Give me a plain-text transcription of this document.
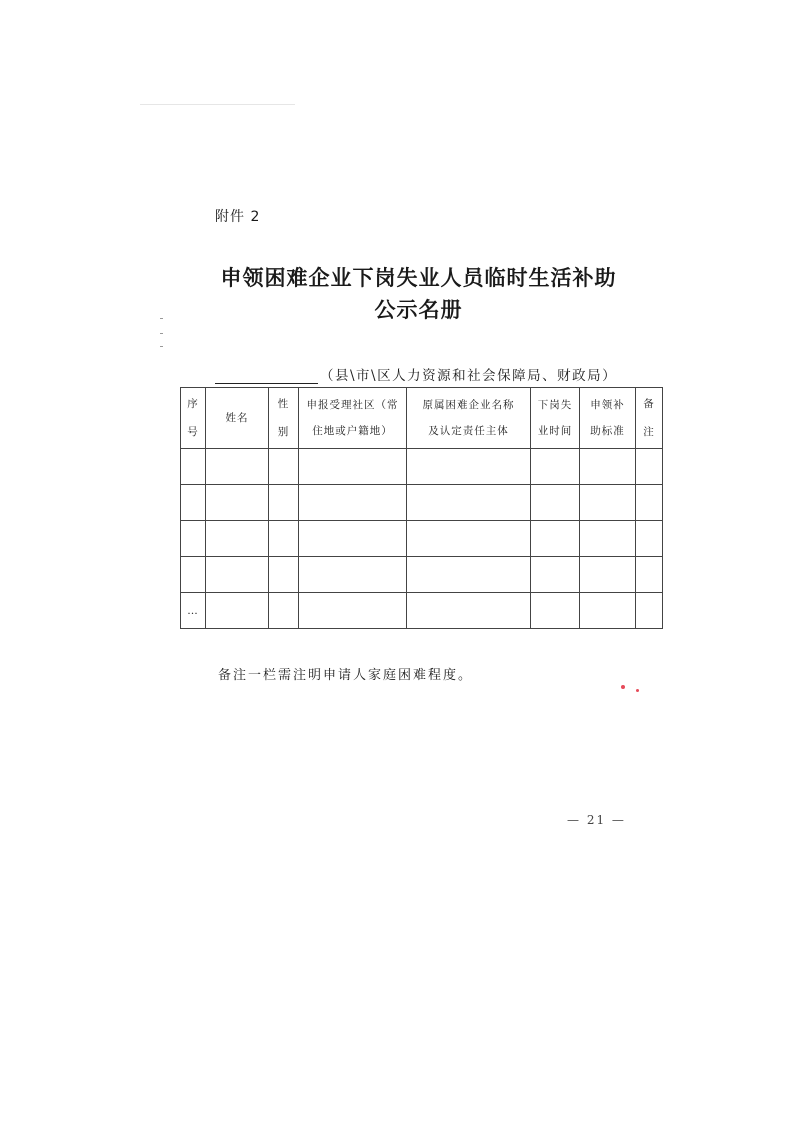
附件 2
申领困难企业下岗失业人员临时生活补助
公示名册
（县\市\区人力资源和社会保障局、财政局）
序号	姓名	性别	申报受理社区（常住地或户籍地）	原属困难企业名称及认定责任主体	下岗失业时间	申领补助标准	备注

…							
备注一栏需注明申请人家庭困难程度。
— 21 —
